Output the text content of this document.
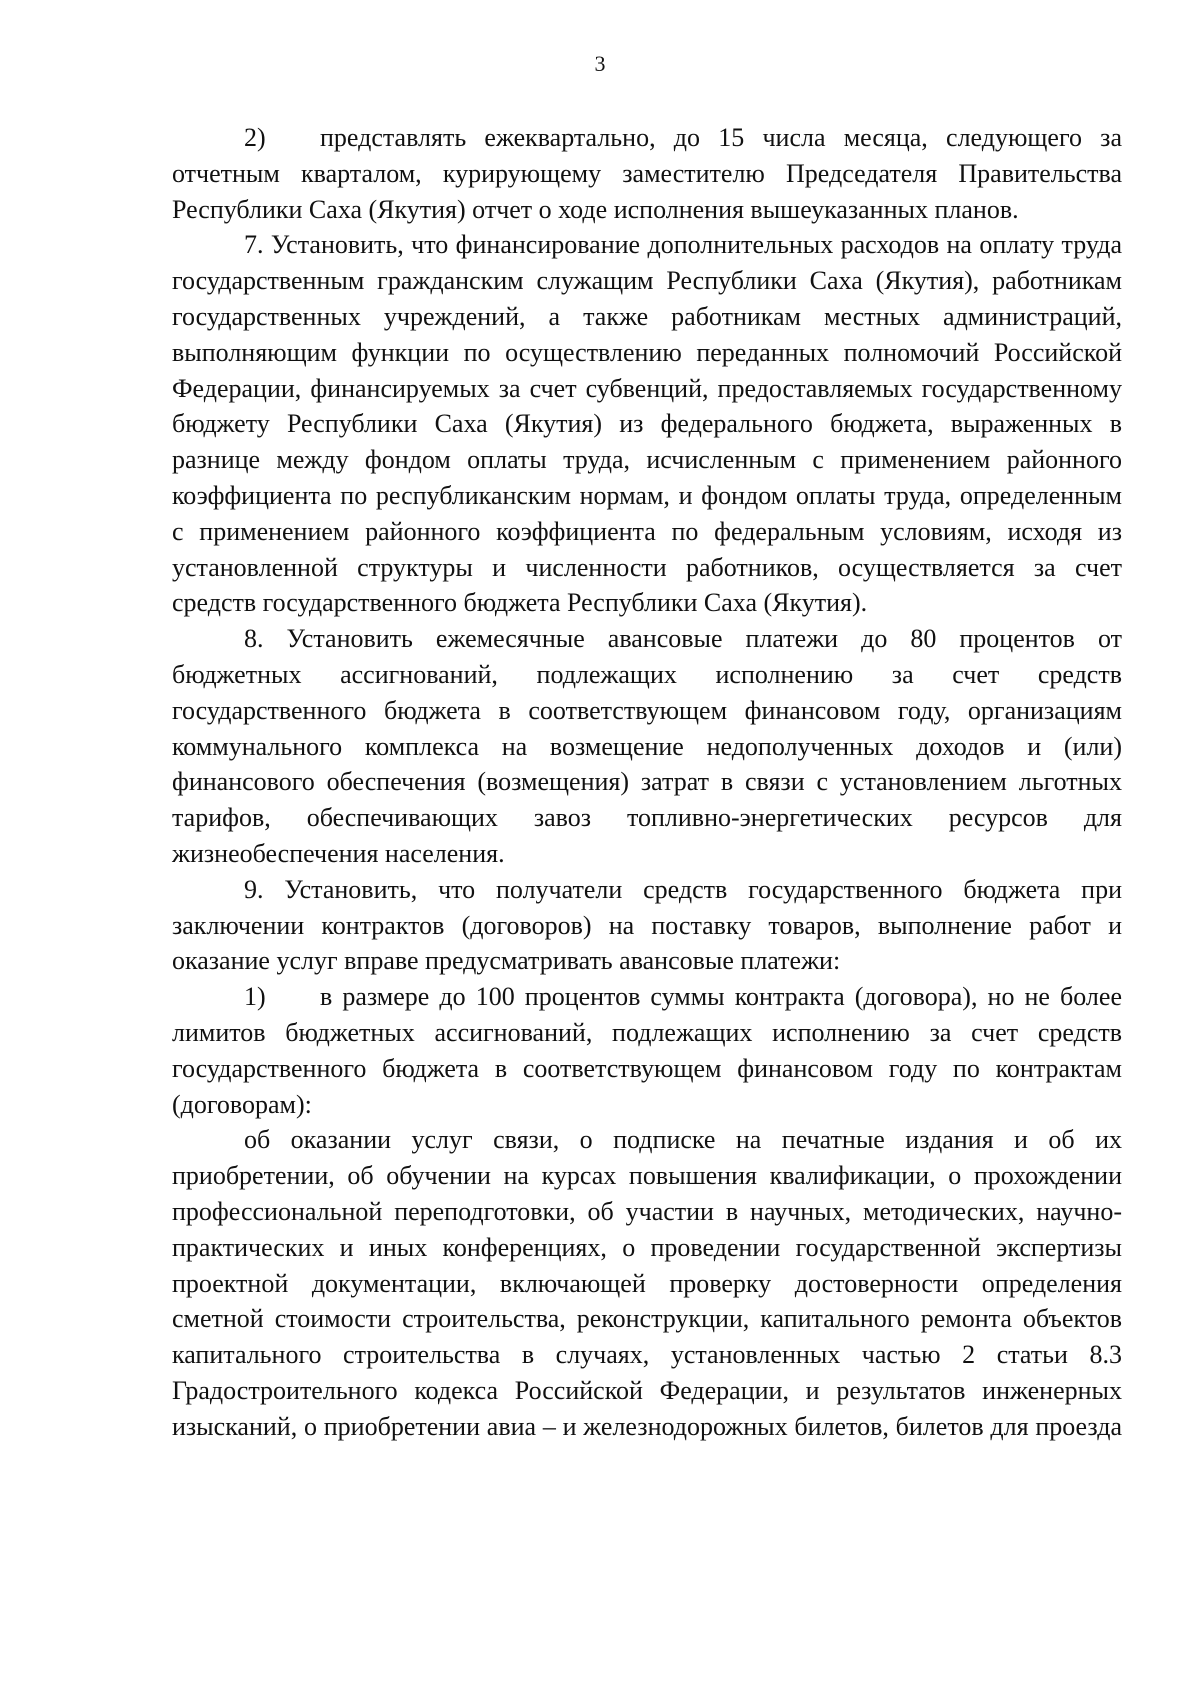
3

2) представлять ежеквартально, до 15 числа месяца, следующего за отчетным кварталом, курирующему заместителю Председателя Правительства Республики Саха (Якутия) отчет о ходе исполнения вышеуказанных планов.

7. Установить, что финансирование дополнительных расходов на оплату труда государственным гражданским служащим Республики Саха (Якутия), работникам государственных учреждений, а также работникам местных администраций, выполняющим функции по осуществлению переданных полномочий Российской Федерации, финансируемых за счет субвенций, предоставляемых государственному бюджету Республики Саха (Якутия) из федерального бюджета, выраженных в разнице между фондом оплаты труда, исчисленным с применением районного коэффициента по республиканским нормам, и фондом оплаты труда, определенным с применением районного коэффициента по федеральным условиям, исходя из установленной структуры и численности работников, осуществляется за счет средств государственного бюджета Республики Саха (Якутия).

8. Установить ежемесячные авансовые платежи до 80 процентов от бюджетных ассигнований, подлежащих исполнению за счет средств государственного бюджета в соответствующем финансовом году, организациям коммунального комплекса на возмещение недополученных доходов и (или) финансового обеспечения (возмещения) затрат в связи с установлением льготных тарифов, обеспечивающих завоз топливно-энергетических ресурсов для жизнеобеспечения населения.

9. Установить, что получатели средств государственного бюджета при заключении контрактов (договоров) на поставку товаров, выполнение работ и оказание услуг вправе предусматривать авансовые платежи:

1) в размере до 100 процентов суммы контракта (договора), но не более лимитов бюджетных ассигнований, подлежащих исполнению за счет средств государственного бюджета в соответствующем финансовом году по контрактам (договорам):

об оказании услуг связи, о подписке на печатные издания и об их приобретении, об обучении на курсах повышения квалификации, о прохождении профессиональной переподготовки, об участии в научных, методических, научно-практических и иных конференциях, о проведении государственной экспертизы проектной документации, включающей проверку достоверности определения сметной стоимости строительства, реконструкции, капитального ремонта объектов капитального строительства в случаях, установленных частью 2 статьи 8.3 Градостроительного кодекса Российской Федерации, и результатов инженерных изысканий, о приобретении авиа – и железнодорожных билетов, билетов для проезда
